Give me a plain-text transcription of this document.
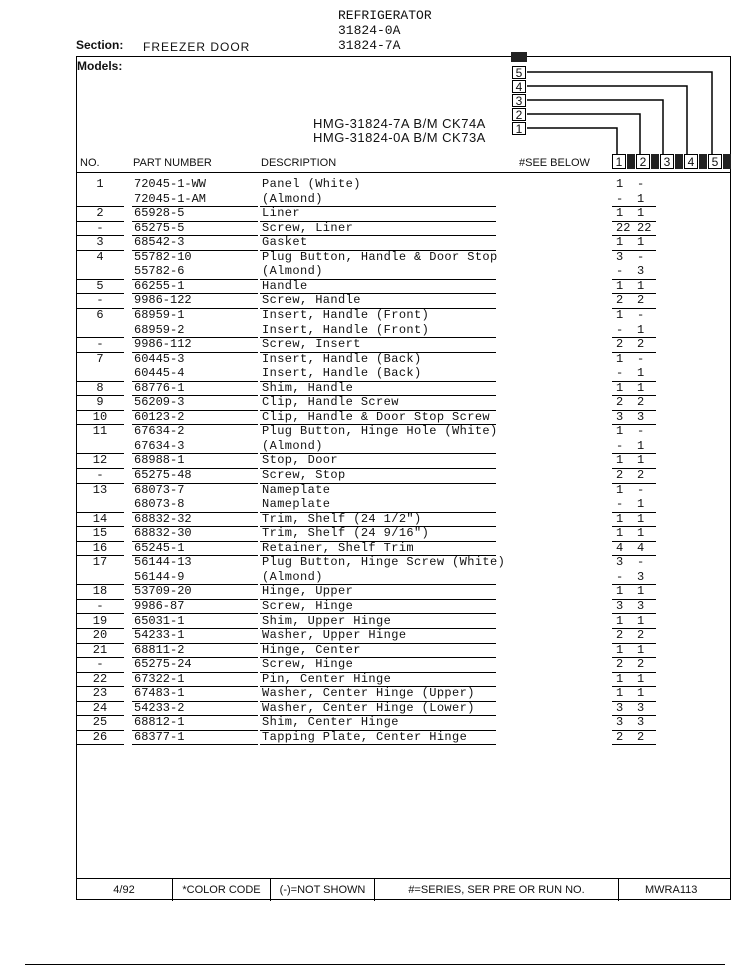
REFRIGERATOR
31824-0A
31824-7A
Section: FREEZER DOOR
Models:
HMG-31824-7A B/M CK74A
HMG-31824-0A B/M CK73A
5
4
3
2
1
NO.	PART NUMBER	DESCRIPTION	#SEE BELOW	1	2	3	4	5
1	72045-1-WW	Panel (White)	1 -
72045-1-AM	(Almond)	- 1
2	65928-5	Liner	1 1
-	65275-5	Screw, Liner	22 22
3	68542-3	Gasket	1 1
4	55782-10	Plug Button, Handle & Door Stop	3 -
55782-6	(Almond)	- 3
5	66255-1	Handle	1 1
-	9986-122	Screw, Handle	2 2
6	68959-1	Insert, Handle (Front)	1 -
68959-2	Insert, Handle (Front)	- 1
-	9986-112	Screw, Insert	2 2
7	60445-3	Insert, Handle (Back)	1 -
60445-4	Insert, Handle (Back)	- 1
8	68776-1	Shim, Handle	1 1
9	56209-3	Clip, Handle Screw	2 2
10	60123-2	Clip, Handle & Door Stop Screw	3 3
11	67634-2	Plug Button, Hinge Hole (White)	1 -
67634-3	(Almond)	- 1
12	68988-1	Stop, Door	1 1
-	65275-48	Screw, Stop	2 2
13	68073-7	Nameplate	1 -
68073-8	Nameplate	- 1
14	68832-32	Trim, Shelf (24 1/2")	1 1
15	68832-30	Trim, Shelf (24 9/16")	1 1
16	65245-1	Retainer, Shelf Trim	4 4
17	56144-13	Plug Button, Hinge Screw (White)	3 -
56144-9	(Almond)	- 3
18	53709-20	Hinge, Upper	1 1
-	9986-87	Screw, Hinge	3 3
19	65031-1	Shim, Upper Hinge	1 1
20	54233-1	Washer, Upper Hinge	2 2
21	68811-2	Hinge, Center	1 1
-	65275-24	Screw, Hinge	2 2
22	67322-1	Pin, Center Hinge	1 1
23	67483-1	Washer, Center Hinge (Upper)	1 1
24	54233-2	Washer, Center Hinge (Lower)	3 3
25	68812-1	Shim, Center Hinge	3 3
26	68377-1	Tapping Plate, Center Hinge	2 2
4/92	*COLOR CODE	(-)=NOT SHOWN	#=SERIES, SER PRE OR RUN NO.	MWRA113
